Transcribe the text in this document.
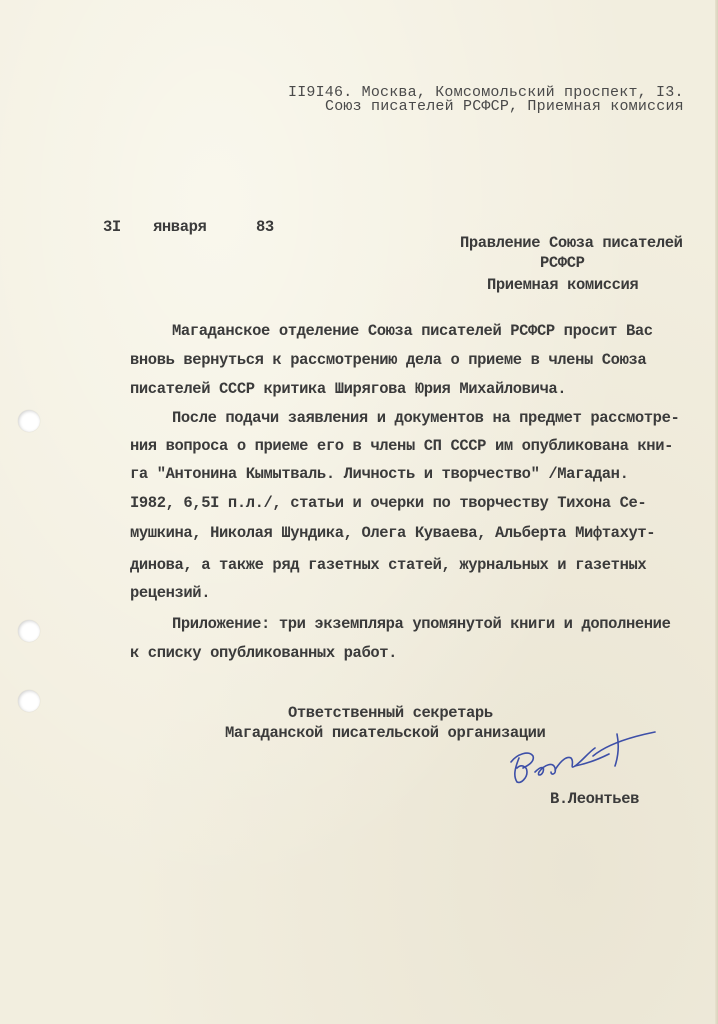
II9I46. Москва, Комсомольский проспект, I3.
Союз писателей РСФСР, Приемная комиссия
3I января	83
Правление Союза писателей
РСФСР
Приемная комиссия
Магаданское отделение Союза писателей РСФСР просит Вас
вновь вернуться к рассмотрению дела о приеме в члены Союза
писателей СССР критика Ширягова Юрия Михайловича.
После подачи заявления и документов на предмет рассмотре-
ния вопроса о приеме его в члены СП СССР им опубликована кни-
га "Антонина Кымытваль. Личность и творчество" /Магадан.
I982, 6,5I п.л./, статьи и очерки по творчеству Тихона Се-
мушкина, Николая Шундика, Олега Куваева, Альберта Мифтахут-
динова, а также ряд газетных статей, журнальных и газетных
рецензий.
Приложение: три экземпляра упомянутой книги и дополнение
к списку опубликованных работ.
Ответственный секретарь
Магаданской писательской организации
В.Леонтьев
